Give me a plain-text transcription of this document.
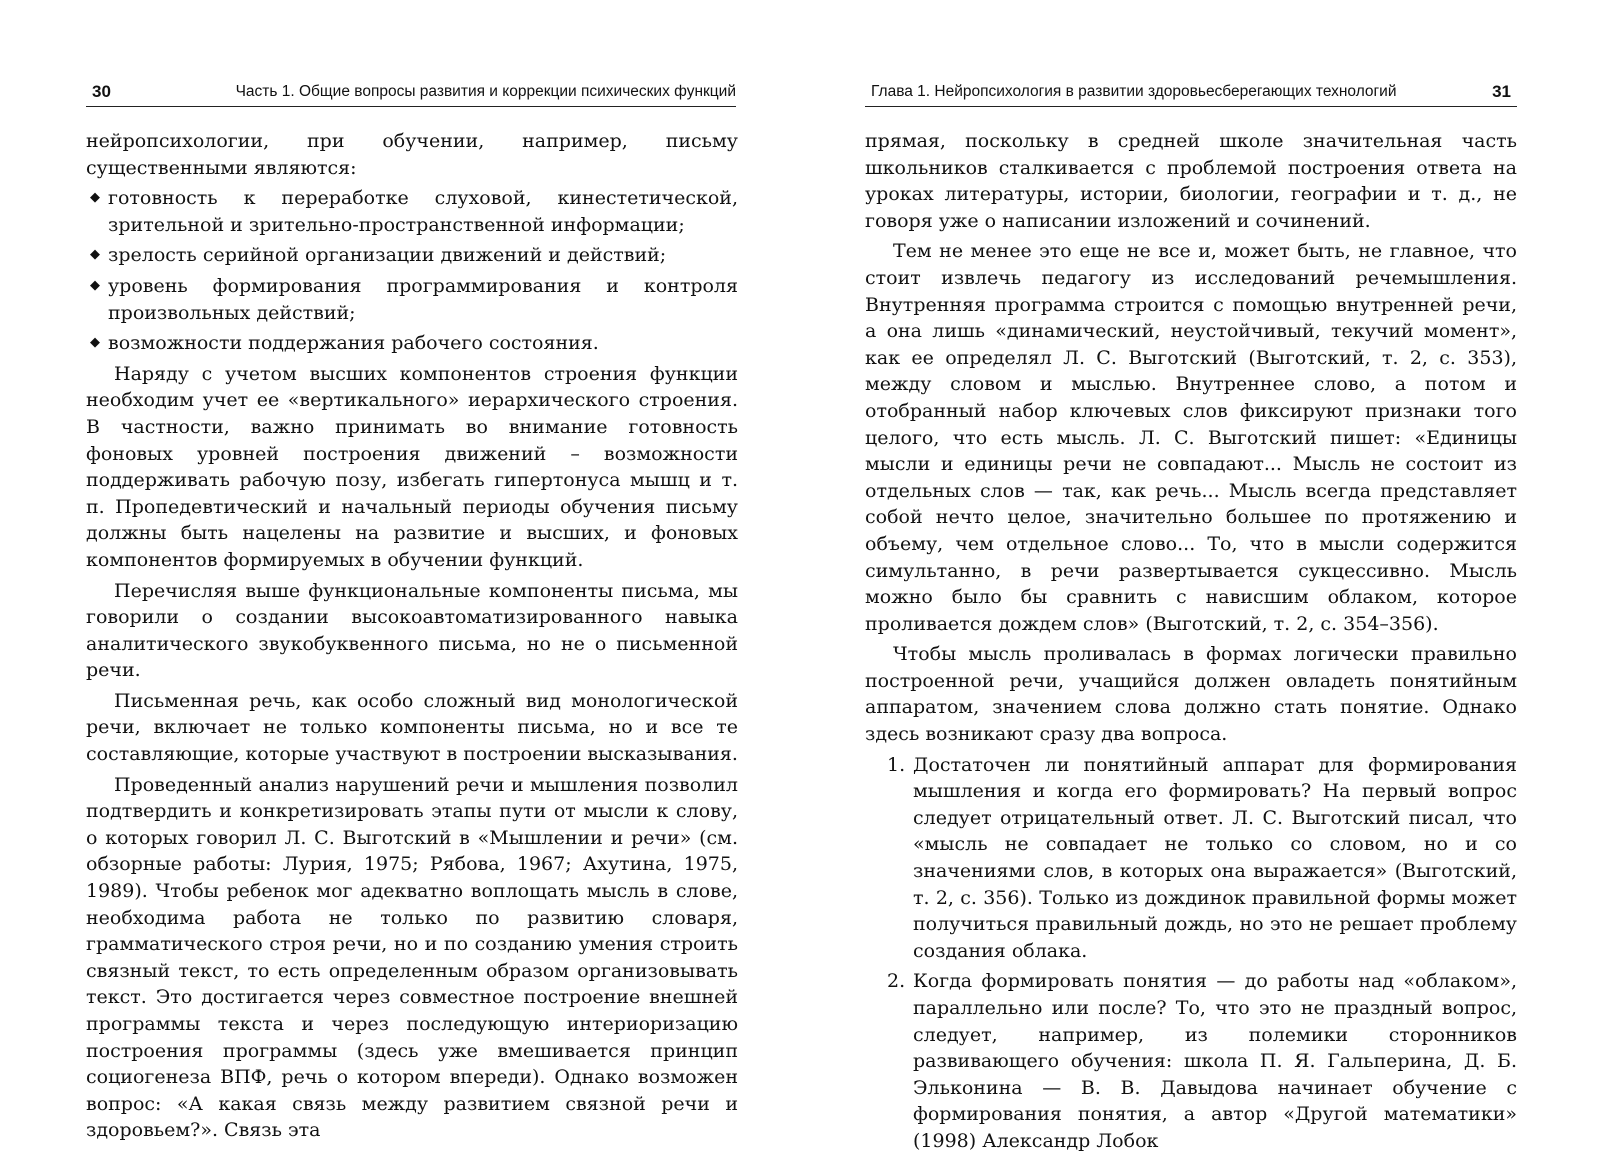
30	Часть 1. Общие вопросы развития и коррекции психических функций

нейропсихологии, при обучении, например, письму существенными являются:

◆ готовность к переработке слуховой, кинестетической, зрительной и зрительно-пространственной информации;
◆ зрелость серийной организации движений и действий;
◆ уровень формирования программирования и контроля произвольных действий;
◆ возможности поддержания рабочего состояния.

Наряду с учетом высших компонентов строения функции необходим учет ее «вертикального» иерархического строения. В частности, важно принимать во внимание готовность фоновых уровней построения движений – возможности поддерживать рабочую позу, избегать гипертонуса мышц и т. п. Пропедевтический и начальный периоды обучения письму должны быть нацелены на развитие и высших, и фоновых компонентов формируемых в обучении функций.

Перечисляя выше функциональные компоненты письма, мы говорили о создании высокоавтоматизированного навыка аналитического звукобуквенного письма, но не о письменной речи.

Письменная речь, как особо сложный вид монологической речи, включает не только компоненты письма, но и все те составляющие, которые участвуют в построении высказывания.

Проведенный анализ нарушений речи и мышления позволил подтвердить и конкретизировать этапы пути от мысли к слову, о которых говорил Л. С. Выготский в «Мышлении и речи» (см. обзорные работы: Лурия, 1975; Рябова, 1967; Ахутина, 1975, 1989). Чтобы ребенок мог адекватно воплощать мысль в слове, необходима работа не только по развитию словаря, грамматического строя речи, но и по созданию умения строить связный текст, то есть определенным образом организовывать текст. Это достигается через совместное построение внешней программы текста и через последующую интериоризацию построения программы (здесь уже вмешивается принцип социогенеза ВПФ, речь о котором впереди). Однако возможен вопрос: «А какая связь между развитием связной речи и здоровьем?». Связь эта

Глава 1. Нейропсихология в развитии здоровьесберегающих технологий	31

прямая, поскольку в средней школе значительная часть школьников сталкивается с проблемой построения ответа на уроках литературы, истории, биологии, географии и т. д., не говоря уже о написании изложений и сочинений.

Тем не менее это еще не все и, может быть, не главное, что стоит извлечь педагогу из исследований речемышления. Внутренняя программа строится с помощью внутренней речи, а она лишь «динамический, неустойчивый, текучий момент», как ее определял Л. С. Выготский (Выготский, т. 2, с. 353), между словом и мыслью. Внутреннее слово, а потом и отобранный набор ключевых слов фиксируют признаки того целого, что есть мысль. Л. С. Выготский пишет: «Единицы мысли и единицы речи не совпадают... Мысль не состоит из отдельных слов — так, как речь... Мысль всегда представляет собой нечто целое, значительно большее по протяжению и объему, чем отдельное слово... То, что в мысли содержится симультанно, в речи развертывается сукцессивно. Мысль можно было бы сравнить с нависшим облаком, которое проливается дождем слов» (Выготский, т. 2, с. 354–356).

Чтобы мысль проливалась в формах логически правильно построенной речи, учащийся должен овладеть понятийным аппаратом, значением слова должно стать понятие. Однако здесь возникают сразу два вопроса.

1. Достаточен ли понятийный аппарат для формирования мышления и когда его формировать? На первый вопрос следует отрицательный ответ. Л. С. Выготский писал, что «мысль не совпадает не только со словом, но и со значениями слов, в которых она выражается» (Выготский, т. 2, с. 356). Только из дождинок правильной формы может получиться правильный дождь, но это не решает проблему создания облака.
2. Когда формировать понятия — до работы над «облаком», параллельно или после? То, что это не праздный вопрос, следует, например, из полемики сторонников развивающего обучения: школа П. Я. Гальперина, Д. Б. Эльконина — В. В. Давыдова начинает обучение с формирования понятия, а автор «Другой математики» (1998) Александр Лобок
